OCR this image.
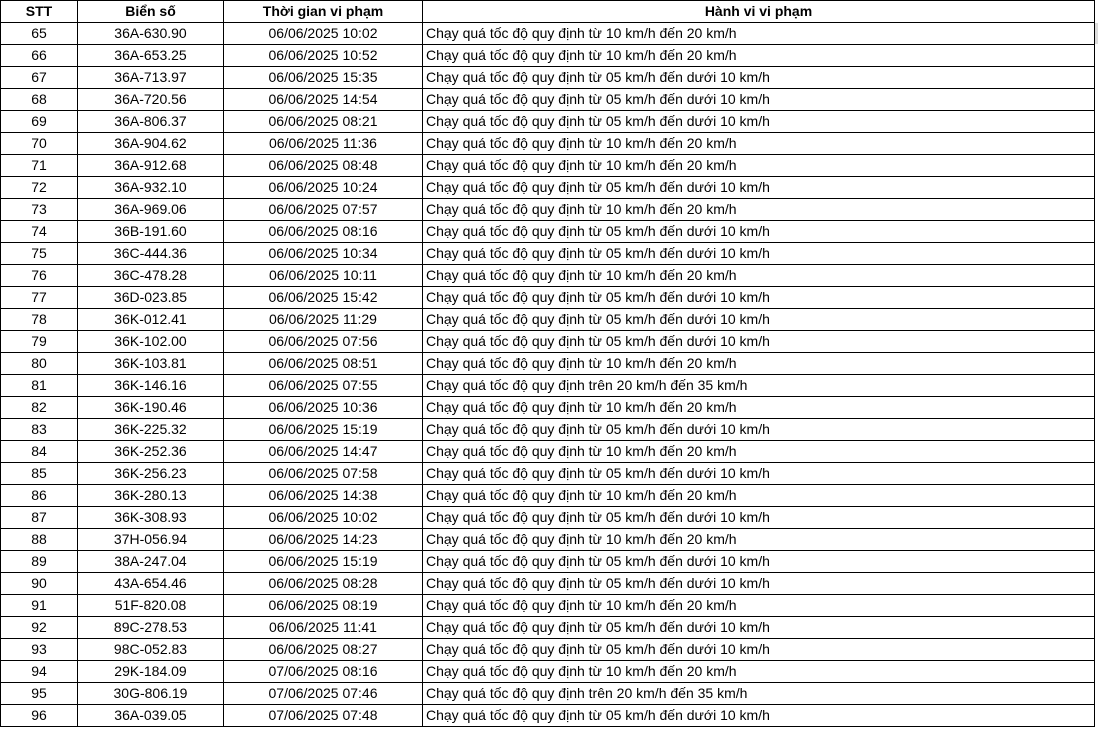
STT	Biển số	Thời gian vi phạm	Hành vi vi phạm
65	36A-630.90	06/06/2025 10:02	Chạy quá tốc độ quy định từ 10 km/h đến 20 km/h
66	36A-653.25	06/06/2025 10:52	Chạy quá tốc độ quy định từ 10 km/h đến 20 km/h
67	36A-713.97	06/06/2025 15:35	Chạy quá tốc độ quy định từ 05 km/h đến dưới 10 km/h
68	36A-720.56	06/06/2025 14:54	Chạy quá tốc độ quy định từ 05 km/h đến dưới 10 km/h
69	36A-806.37	06/06/2025 08:21	Chạy quá tốc độ quy định từ 05 km/h đến dưới 10 km/h
70	36A-904.62	06/06/2025 11:36	Chạy quá tốc độ quy định từ 10 km/h đến 20 km/h
71	36A-912.68	06/06/2025 08:48	Chạy quá tốc độ quy định từ 10 km/h đến 20 km/h
72	36A-932.10	06/06/2025 10:24	Chạy quá tốc độ quy định từ 05 km/h đến dưới 10 km/h
73	36A-969.06	06/06/2025 07:57	Chạy quá tốc độ quy định từ 10 km/h đến 20 km/h
74	36B-191.60	06/06/2025 08:16	Chạy quá tốc độ quy định từ 05 km/h đến dưới 10 km/h
75	36C-444.36	06/06/2025 10:34	Chạy quá tốc độ quy định từ 05 km/h đến dưới 10 km/h
76	36C-478.28	06/06/2025 10:11	Chạy quá tốc độ quy định từ 10 km/h đến 20 km/h
77	36D-023.85	06/06/2025 15:42	Chạy quá tốc độ quy định từ 05 km/h đến dưới 10 km/h
78	36K-012.41	06/06/2025 11:29	Chạy quá tốc độ quy định từ 05 km/h đến dưới 10 km/h
79	36K-102.00	06/06/2025 07:56	Chạy quá tốc độ quy định từ 05 km/h đến dưới 10 km/h
80	36K-103.81	06/06/2025 08:51	Chạy quá tốc độ quy định từ 10 km/h đến 20 km/h
81	36K-146.16	06/06/2025 07:55	Chạy quá tốc độ quy định trên 20 km/h đến 35 km/h
82	36K-190.46	06/06/2025 10:36	Chạy quá tốc độ quy định từ 10 km/h đến 20 km/h
83	36K-225.32	06/06/2025 15:19	Chạy quá tốc độ quy định từ 05 km/h đến dưới 10 km/h
84	36K-252.36	06/06/2025 14:47	Chạy quá tốc độ quy định từ 10 km/h đến 20 km/h
85	36K-256.23	06/06/2025 07:58	Chạy quá tốc độ quy định từ 05 km/h đến dưới 10 km/h
86	36K-280.13	06/06/2025 14:38	Chạy quá tốc độ quy định từ 10 km/h đến 20 km/h
87	36K-308.93	06/06/2025 10:02	Chạy quá tốc độ quy định từ 05 km/h đến dưới 10 km/h
88	37H-056.94	06/06/2025 14:23	Chạy quá tốc độ quy định từ 10 km/h đến 20 km/h
89	38A-247.04	06/06/2025 15:19	Chạy quá tốc độ quy định từ 05 km/h đến dưới 10 km/h
90	43A-654.46	06/06/2025 08:28	Chạy quá tốc độ quy định từ 05 km/h đến dưới 10 km/h
91	51F-820.08	06/06/2025 08:19	Chạy quá tốc độ quy định từ 10 km/h đến 20 km/h
92	89C-278.53	06/06/2025 11:41	Chạy quá tốc độ quy định từ 05 km/h đến dưới 10 km/h
93	98C-052.83	06/06/2025 08:27	Chạy quá tốc độ quy định từ 05 km/h đến dưới 10 km/h
94	29K-184.09	07/06/2025 08:16	Chạy quá tốc độ quy định từ 10 km/h đến 20 km/h
95	30G-806.19	07/06/2025 07:46	Chạy quá tốc độ quy định trên 20 km/h đến 35 km/h
96	36A-039.05	07/06/2025 07:48	Chạy quá tốc độ quy định từ 05 km/h đến dưới 10 km/h
